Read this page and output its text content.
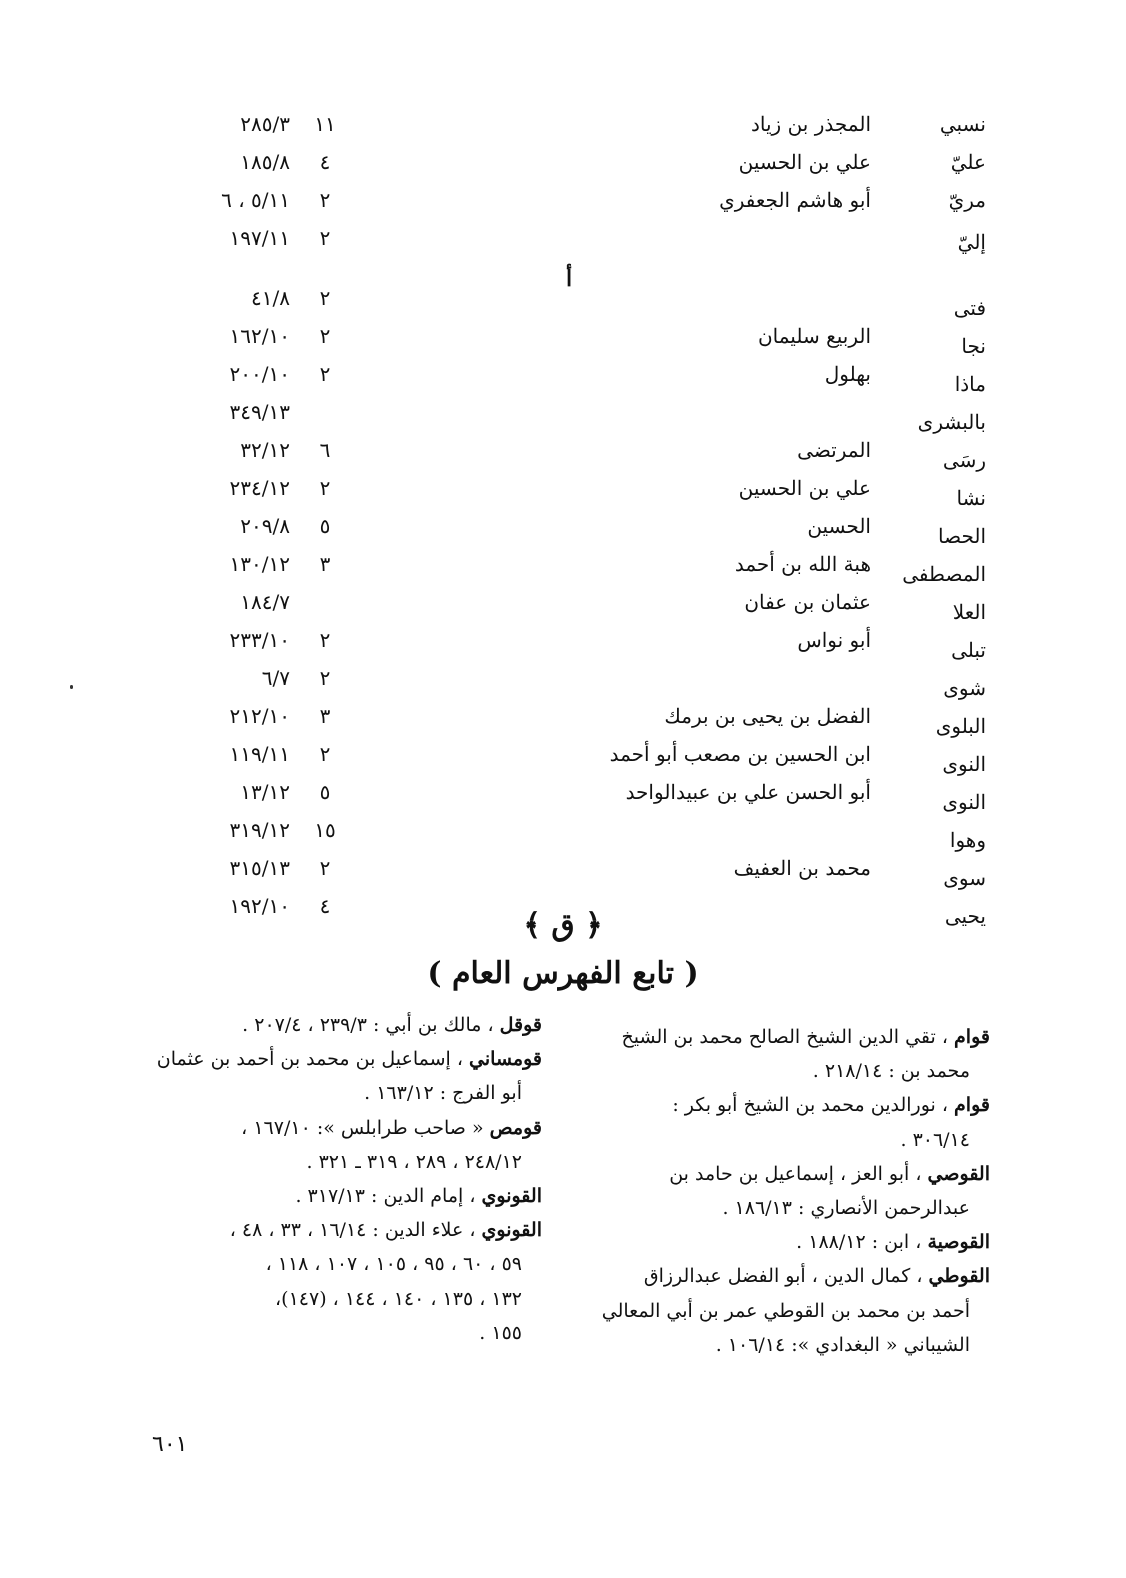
نسبي
المجذر بن زياد
١١
٢٨٥/٣
عليّ
علي بن الحسين
٤
١٨٥/٨
مريّ
أبو هاشم الجعفري
٢
٥/١١ ، ٦
إليّ
٢
١٩٧/١١
فتى
٢
٤١/٨
نجا
الربيع سليمان
٢
١٦٢/١٠
ماذا
بهلول
٢
٢٠٠/١٠
بالبشرى
٣٤٩/١٣
رسَى
المرتضى
٦
٣٢/١٢
نشا
علي بن الحسين
٢
٢٣٤/١٢
الحصا
الحسين
٥
٢٠٩/٨
المصطفى
هبة الله بن أحمد
٣
١٣٠/١٢
العلا
عثمان بن عفان
١٨٤/٧
تبلى
أبو نواس
٢
٢٣٣/١٠
شوى
٢
٦/٧
البلوى
الفضل بن يحيى بن برمك
٣
٢١٢/١٠
النوى
ابن الحسين بن مصعب أبو أحمد
٢
١١٩/١١
النوى
أبو الحسن علي بن عبيدالواحد
٥
١٣/١٢
وهوا
١٥
٣١٩/١٢
سوى
محمد بن العفيف
٢
٣١٥/١٣
يحيى
٤
١٩٢/١٠
أ
﴿ ق ﴾
( تابع الفهرس العام )
قوام ، تقي الدين الشيخ الصالح محمد بن الشيخ
محمد بن : ٢١٨/١٤ .
قوام ، نورالدين محمد بن الشيخ أبو بكر :
٣٠٦/١٤ .
القوصي ، أبو العز ، إسماعيل بن حامد بن
عبدالرحمن الأنصاري : ١٨٦/١٣ .
القوصية ، ابن : ١٨٨/١٢ .
القوطي ، كمال الدين ، أبو الفضل عبدالرزاق
أحمد بن محمد بن القوطي عمر بن أبي المعالي
الشيباني « البغدادي »: ١٠٦/١٤ .
قوقل ، مالك بن أبي : ٢٣٩/٣ ، ٢٠٧/٤ .
قومساني ، إسماعيل بن محمد بن أحمد بن عثمان
أبو الفرج : ١٦٣/١٢ .
قومص « صاحب طرابلس »: ١٦٧/١٠ ،
٢٤٨/١٢ ، ٢٨٩ ، ٣١٩ ـ ٣٢١ .
القونوي ، إمام الدين : ٣١٧/١٣ .
القونوي ، علاء الدين : ١٦/١٤ ، ٣٣ ، ٤٨ ،
٥٩ ، ٦٠ ، ٩٥ ، ١٠٥ ، ١٠٧ ، ١١٨ ،
١٣٢ ، ١٣٥ ، ١٤٠ ، ١٤٤ ، (١٤٧)،
١٥٥ .
٦٠١
